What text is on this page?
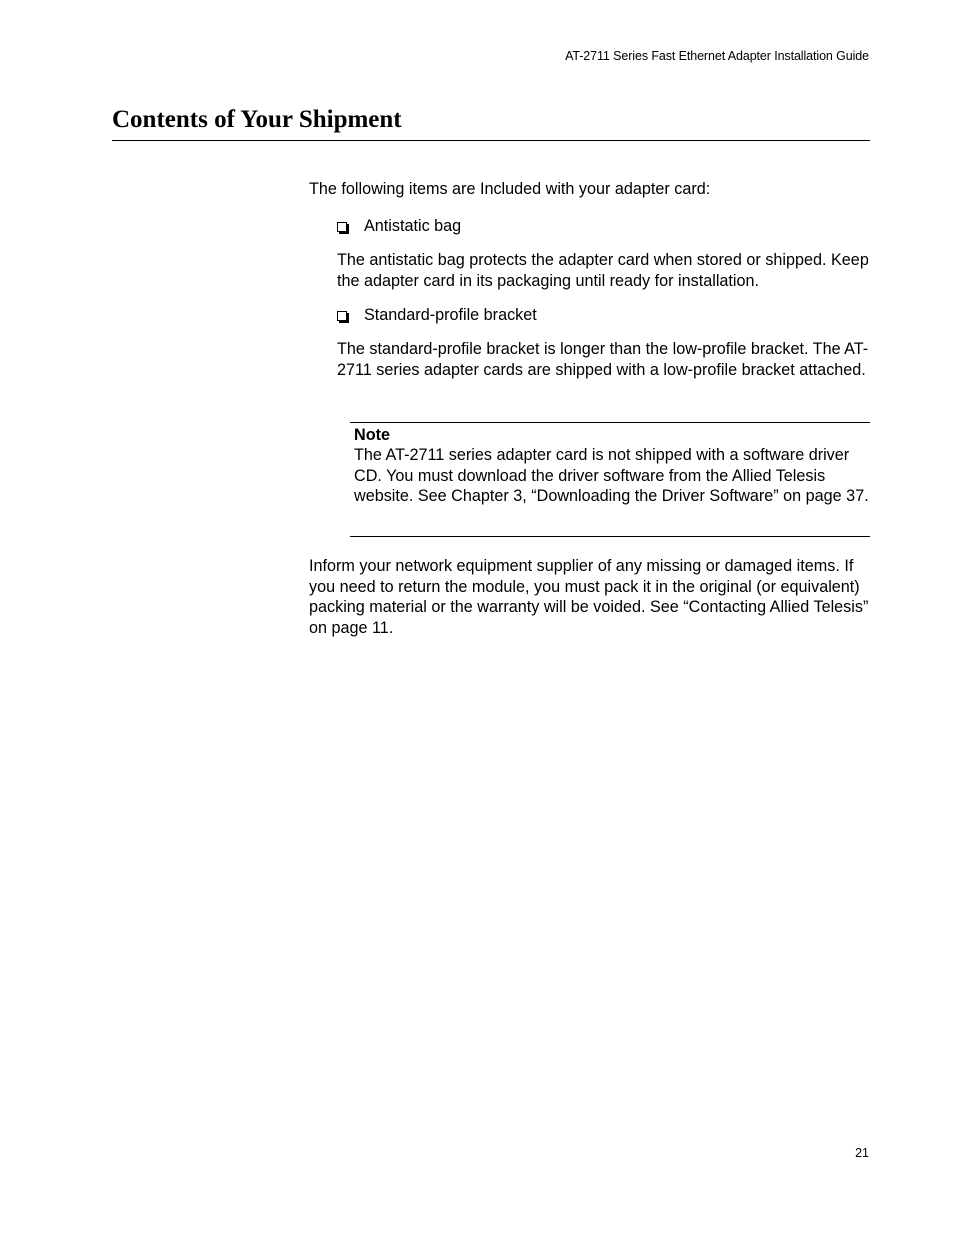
AT-2711 Series Fast Ethernet Adapter Installation Guide
Contents of Your Shipment
The following items are Included with your adapter card:
Antistatic bag
The antistatic bag protects the adapter card when stored or shipped. Keep the adapter card in its packaging until ready for installation.
Standard-profile bracket
The standard-profile bracket is longer than the low-profile bracket. The AT-2711 series adapter cards are shipped with a low-profile bracket attached.
Note
The AT-2711 series adapter card is not shipped with a software driver CD. You must download the driver software from the Allied Telesis website. See Chapter 3, “Downloading the Driver Software” on page 37.
Inform your network equipment supplier of any missing or damaged items. If you need to return the module, you must pack it in the original (or equivalent) packing material or the warranty will be voided. See “Contacting Allied Telesis” on page 11.
21
